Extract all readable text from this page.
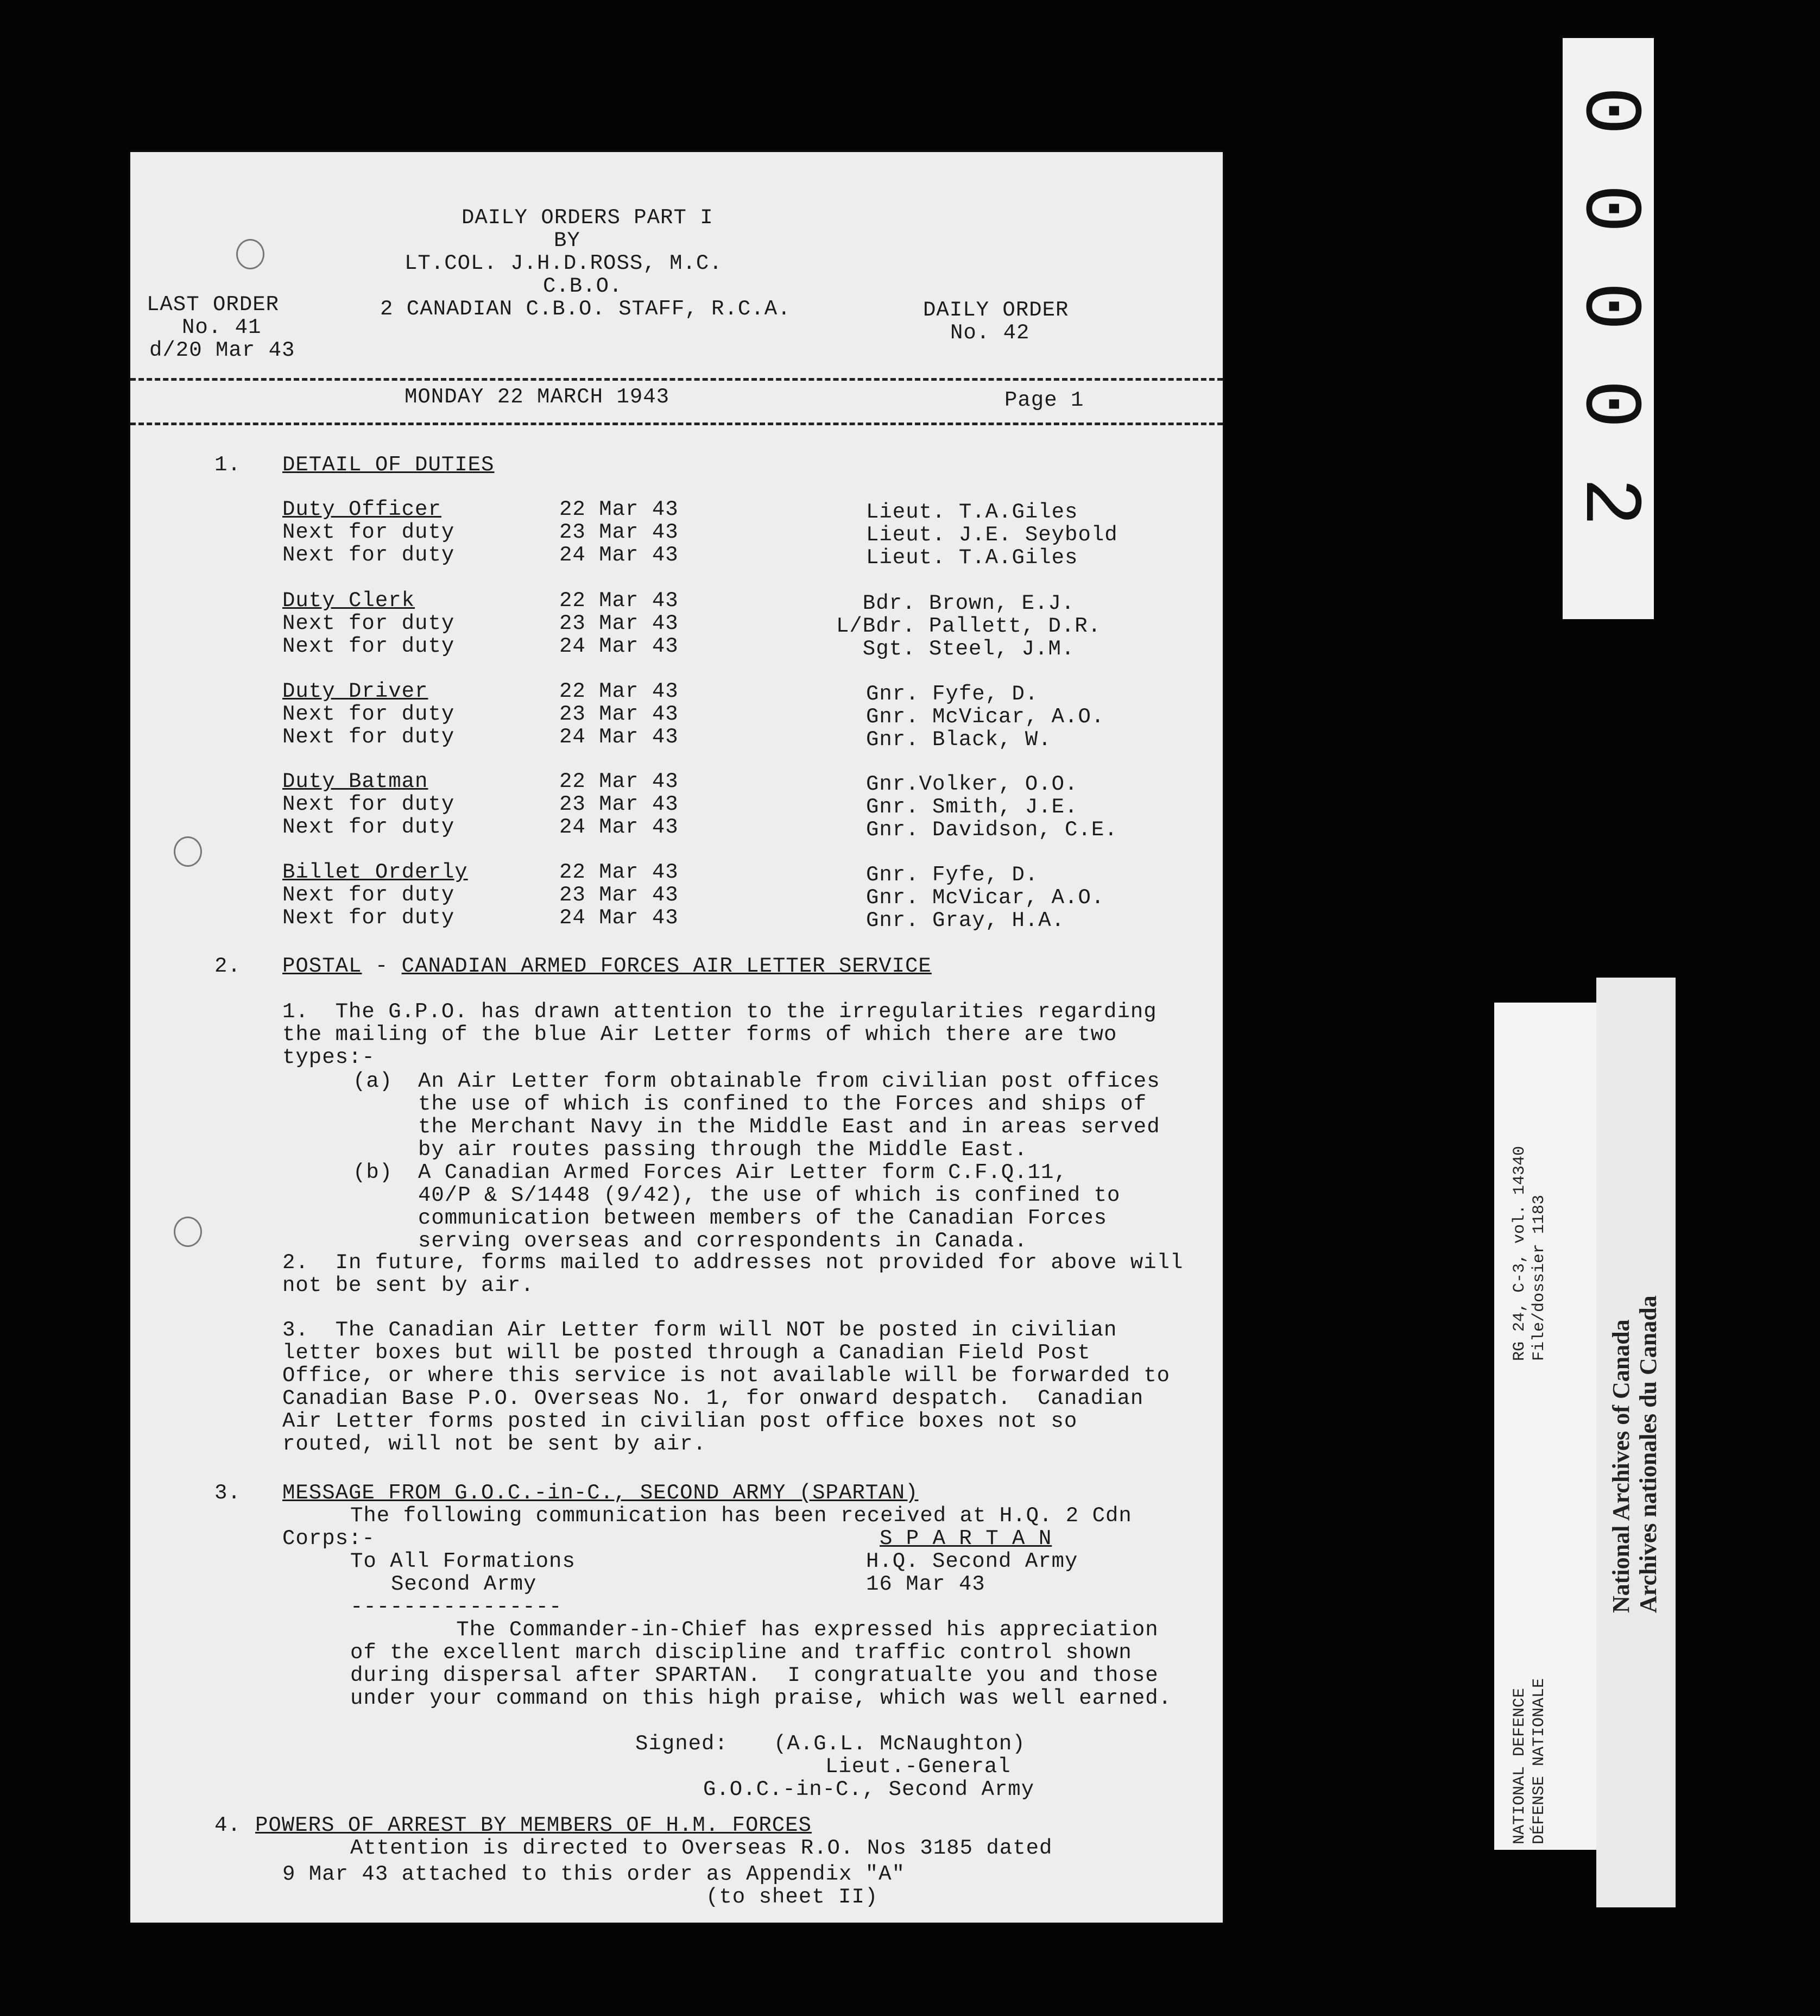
DAILY ORDERS PART I
BY
LT.COL. J.H.D.ROSS, M.C.
C.B.O.
2 CANADIAN C.B.O. STAFF, R.C.A.
LAST ORDER
No. 41
d/20 Mar 43
DAILY ORDER
No. 42
MONDAY 22 MARCH 1943	Page 1
1. DETAIL OF DUTIES
Duty Officer	22 Mar 43	Lieut. T.A.Giles
Next for duty	23 Mar 43	Lieut. J.E. Seybold
Next for duty	24 Mar 43	Lieut. T.A.Giles
Duty Clerk	22 Mar 43	Bdr. Brown, E.J.
Next for duty	23 Mar 43	L/Bdr. Pallett, D.R.
Next for duty	24 Mar 43	Sgt. Steel, J.M.
Duty Driver	22 Mar 43	Gnr. Fyfe, D.
Next for duty	23 Mar 43	Gnr. McVicar, A.O.
Next for duty	24 Mar 43	Gnr. Black, W.
Duty Batman	22 Mar 43	Gnr.Volker, O.O.
Next for duty	23 Mar 43	Gnr. Smith, J.E.
Next for duty	24 Mar 43	Gnr. Davidson, C.E.
Billet Orderly	22 Mar 43	Gnr. Fyfe, D.
Next for duty	23 Mar 43	Gnr. McVicar, A.O.
Next for duty	24 Mar 43	Gnr. Gray, H.A.
2. POSTAL - CANADIAN ARMED FORCES AIR LETTER SERVICE
1.  The G.P.O. has drawn attention to the irregularities regarding
the mailing of the blue Air Letter forms of which there are two
types:-
(a) An Air Letter form obtainable from civilian post offices
the use of which is confined to the Forces and ships of
the Merchant Navy in the Middle East and in areas served
by air routes passing through the Middle East.
(b) A Canadian Armed Forces Air Letter form C.F.Q.11,
40/P & S/1448 (9/42), the use of which is confined to
communication between members of the Canadian Forces
serving overseas and correspondents in Canada.
2.  In future, forms mailed to addresses not provided for above will
not be sent by air.
3.  The Canadian Air Letter form will NOT be posted in civilian
letter boxes but will be posted through a Canadian Field Post
Office, or where this service is not available will be forwarded to
Canadian Base P.O. Overseas No. 1, for onward despatch.  Canadian
Air Letter forms posted in civilian post office boxes not so
routed, will not be sent by air.
3. MESSAGE FROM G.O.C.-in-C., SECOND ARMY (SPARTAN)
The following communication has been received at H.Q. 2 Cdn
Corps:-	S P A R T A N
To All Formations
Second Army
H.Q. Second Army
16 Mar 43
----------------
The Commander-in-Chief has expressed his appreciation
of the excellent march discipline and traffic control shown
during dispersal after SPARTAN.  I congratualte you and those
under your command on this high praise, which was well earned.
Signed: (A.G.L. McNaughton)
Lieut.-General
G.O.C.-in-C., Second Army
4. POWERS OF ARREST BY MEMBERS OF H.M. FORCES
Attention is directed to Overseas R.O. Nos 3185 dated
9 Mar 43 attached to this order as Appendix "A"
(to sheet II)
0
0
0
0
2
RG 24, C-3, vol. 14340 File/dossier 1183
NATIONAL DEFENCE DÉFENSE NATIONALE
National Archives of Canada Archives nationales du Canada
